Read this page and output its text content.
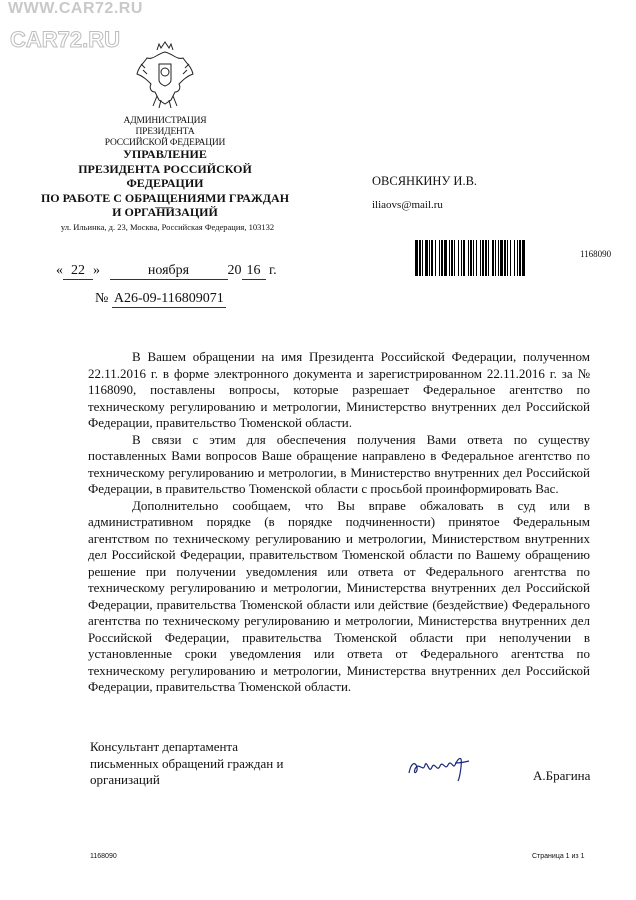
WWW.CAR72.RU
CAR72.RU
АДМИНИСТРАЦИЯ ПРЕЗИДЕНТА
РОССИЙСКОЙ ФЕДЕРАЦИИ
УПРАВЛЕНИЕ
ПРЕЗИДЕНТА РОССИЙСКОЙ ФЕДЕРАЦИИ
ПО РАБОТЕ С ОБРАЩЕНИЯМИ ГРАЖДАН
И ОРГАНИЗАЦИЙ
ул. Ильинка, д. 23, Москва, Российская Федерация, 103132
ОВСЯНКИНУ И.В.
iliaovs@mail.ru
1168090
« 22 »	ноября	20 16 г.
№ А26-09-116809071

В Вашем обращении на имя Президента Российской Федерации, полученном 22.11.2016 г. в форме электронного документа и зарегистрированном 22.11.2016 г. за № 1168090, поставлены вопросы, которые разрешает Федеральное агентство по техническому регулированию и метрологии, Министерство внутренних дел Российской Федерации, правительство Тюменской области.

В связи с этим для обеспечения получения Вами ответа по существу поставленных Вами вопросов Ваше обращение направлено в Федеральное агентство по техническому регулированию и метрологии, в Министерство внутренних дел Российской Федерации, в правительство Тюменской области с просьбой проинформировать Вас.

Дополнительно сообщаем, что Вы вправе обжаловать в суд или в административном порядке (в порядке подчиненности) принятое Федеральным агентством по техническому регулированию и метрологии, Министерством внутренних дел Российской Федерации, правительством Тюменской области по Вашему обращению решение при получении уведомления или ответа от Федерального агентства по техническому регулированию и метрологии, Министерства внутренних дел Российской Федерации, правительства Тюменской области или действие (бездействие) Федерального агентства по техническому регулированию и метрологии, Министерства внутренних дел Российской Федерации, правительства Тюменской области при неполучении в установленные сроки уведомления или ответа от Федерального агентства по техническому регулированию и метрологии, Министерства внутренних дел Российской Федерации, правительства Тюменской области.

Консультант департамента
письменных обращений граждан и
организаций	А.Брагина
1168090	Страница 1 из 1
